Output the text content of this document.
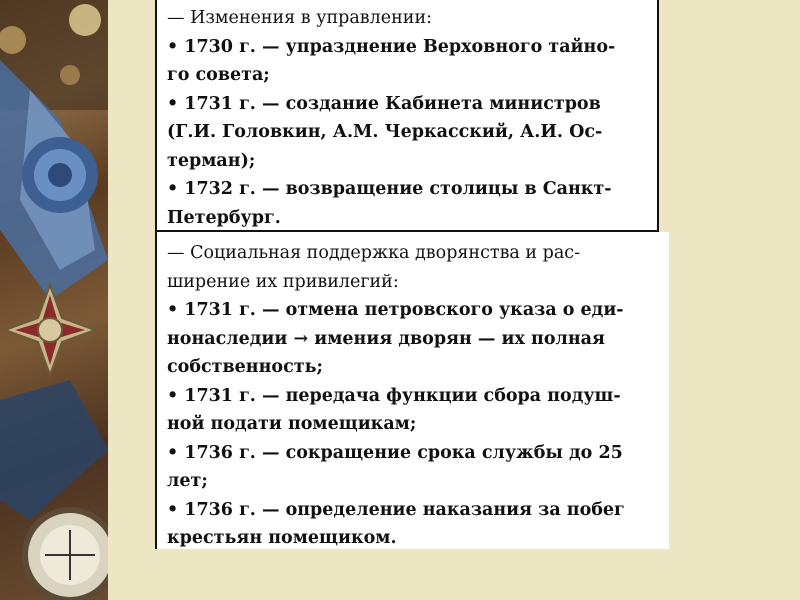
— Изменения в управлении:

• 1730 г. — упразднение Верховного тайно-

го совета;

• 1731 г. — создание Кабинета министров

(Г.И. Головкин, А.М. Черкасский, А.И. Ос-

терман);

• 1732 г. — возвращение столицы в Санкт-

Петербург.

— Социальная поддержка дворянства и рас-

ширение их привилегий:

• 1731 г. — отмена петровского указа о еди-

нонаследии → имения дворян — их полная

собственность;

• 1731 г. — передача функции сбора подуш-

ной подати помещикам;

• 1736 г. — сокращение срока службы до 25

лет;

• 1736 г. — определение наказания за побег

крестьян помещиком.
